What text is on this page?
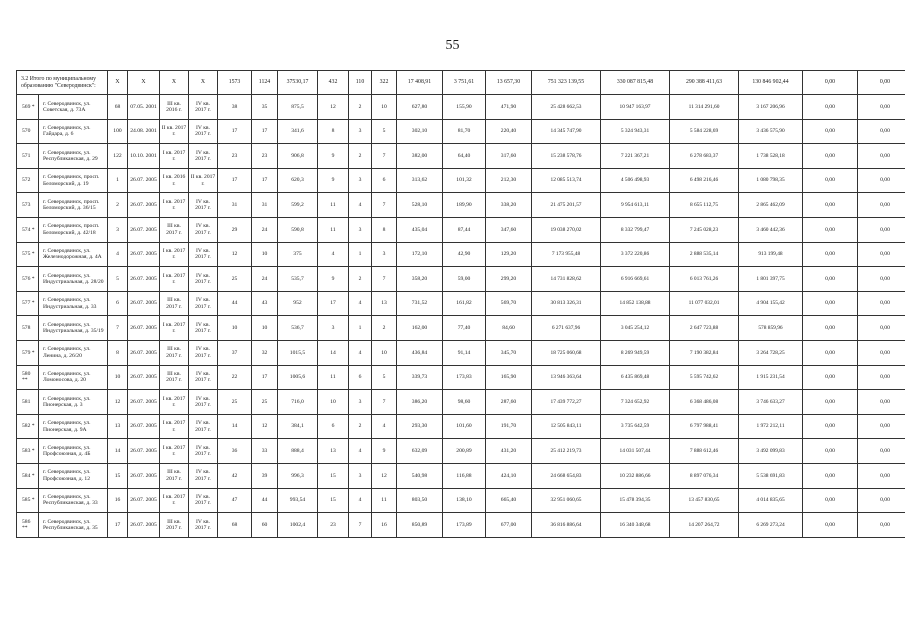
55
3.2 Итого по муниципальному образованию "Северодвинск":		X	X	X	X	1573	1124	37530,17	432	110	322	17 408,91	3 751,61	13 657,30	751 323 139,55	330 087 815,48	290 388 411,63	130 846 902,44	0,00	0,00
569 *	г. Северодвинск, ул. Советская, д. 73А	68	07.05. 2001	III кв. 2016 г.	IV кв. 2017 г.	38	35	875,5	12	2	10	627,80	155,90	471,90	25 428 662,53	10 947 163,97	11 314 291,60	3 167 206,96	0,00	0,00
570	г. Северодвинск, ул. Гайдара, д. 6	100	24.08. 2001	II кв. 2017 г.	IV кв. 2017 г.	17	17	341,6	8	3	5	302,10	81,70	220,40	14 345 747,90	5 324 943,31	5 584 228,69	3 436 575,90	0,00	0,00
571	г. Северодвинск, ул. Республиканская, д. 29	122	10.10. 2001	I кв. 2017 г.	IV кв. 2017 г.	23	23	906,8	9	2	7	382,00	64,40	317,60	15 238 578,76	7 221 367,21	6 278 683,37	1 738 528,18	0,00	0,00
572	г. Северодвинск, просп. Беломорский, д. 19	1	26.07. 2005	I кв. 2016 г.	II кв. 2017 г.	17	17	620,3	9	3	6	313,62	101,32	212,30	12 085 513,74	4 506 498,93	6 498 216,46	1 080 798,35	0,00	0,00
573	г. Северодвинск, просп. Беломорский, д. 36/15	2	26.07. 2005	I кв. 2017 г.	IV кв. 2017 г.	31	31	599,2	11	4	7	528,10	189,90	338,20	21 475 201,57	9 954 613,11	8 655 112,75	2 865 462,09	0,00	0,00
574 *	г. Северодвинск, просп. Беломорский, д. 42/18	3	26.07. 2005	III кв. 2017 г.	IV кв. 2017 г.	29	24	590,8	11	3	8	435,04	87,44	347,60	19 038 270,02	8 332 799,47	7 245 028,23	3 460 442,36	0,00	0,00
575 *	г. Северодвинск, ул. Железнодорожная, д. 4А	4	26.07. 2005	I кв. 2017 г.	IV кв. 2017 г.	12	10	375	4	1	3	172,10	42,90	129,20	7 173 955,48	3 372 220,86	2 888 535,14	913 199,48	0,00	0,00
576 *	г. Северодвинск, ул. Индустриальная, д. 28/20	5	26.07. 2005	I кв. 2017 г.	IV кв. 2017 г.	25	24	535,7	9	2	7	358,20	59,00	299,20	14 731 828,62	6 916 669,61	6 013 761,26	1 801 397,75	0,00	0,00
577 *	г. Северодвинск, ул. Индустриальная, д. 33	6	26.07. 2005	III кв. 2017 г.	IV кв. 2017 г.	44	43	952	17	4	13	731,52	161,82	569,70	30 813 326,31	14 852 138,88	11 077 032,01	4 904 155,42	0,00	0,00
578	г. Северодвинск, ул. Индустриальная, д. 35/19	7	26.07. 2005	I кв. 2017 г.	IV кв. 2017 г.	10	10	536,7	3	1	2	162,00	77,40	84,60	6 271 637,96	3 045 254,12	2 647 723,88	578 859,96	0,00	0,00
579 *	г. Северодвинск, ул. Ленина, д. 26/20	8	26.07. 2005	III кв. 2017 г.	IV кв. 2017 г.	37	32	1015,5	14	4	10	436,84	91,14	345,70	18 725 060,68	8 269 949,59	7 190 382,84	3 264 728,25	0,00	0,00
580 **	г. Северодвинск, ул. Ломоносова, д. 20	10	26.07. 2005	III кв. 2017 г.	IV кв. 2017 г.	22	17	1005,6	11	6	5	339,73	173,83	165,90	13 946 363,64	6 435 869,48	5 595 742,62	1 915 231,54	0,00	0,00
581	г. Северодвинск, ул. Пионерская, д. 3	12	26.07. 2005	I кв. 2017 г.	IV кв. 2017 г.	25	25	716,0	10	3	7	386,20	98,60	287,60	17 439 772,27	7 324 652,92	6 368 486,08	3 746 633,27	0,00	0,00
582 *	г. Северодвинск, ул. Пионерская, д. 9А	13	26.07. 2005	I кв. 2017 г.	IV кв. 2017 г.	14	12	384,1	6	2	4	293,30	101,60	191,70	12 505 843,11	3 735 642,59	6 797 988,41	1 972 212,11	0,00	0,00
583 *	г. Северодвинск, ул. Профсоюзная, д. 4Б	14	26.07. 2005	I кв. 2017 г.	IV кв. 2017 г.	36	33	888,4	13	4	9	632,09	200,89	431,20	25 412 219,73	14 031 507,44	7 888 612,46	3 492 099,83	0,00	0,00
584 *	г. Северодвинск, ул. Профсоюзная, д. 12	15	26.07. 2005	III кв. 2017 г.	IV кв. 2017 г.	42	39	996,3	15	3	12	540,98	116,88	424,10	24 668 654,83	10 232 886,66	8 897 076,34	5 538 691,83	0,00	0,00
585 *	г. Северодвинск, ул. Республиканская, д. 33	16	26.07. 2005	I кв. 2017 г.	IV кв. 2017 г.	47	44	993,54	15	4	11	803,50	138,10	665,40	32 951 060,65	15 478 394,35	13 457 830,65	4 014 835,65	0,00	0,00
586 **	г. Северодвинск, ул. Республиканская, д. 35	17	26.07. 2005	III кв. 2017 г.	IV кв. 2017 г.	68	60	1002,4	23	7	16	850,89	173,89	677,00	36 816 886,64	16 340 348,68	14 207 264,72	6 269 273,24	0,00	0,00
